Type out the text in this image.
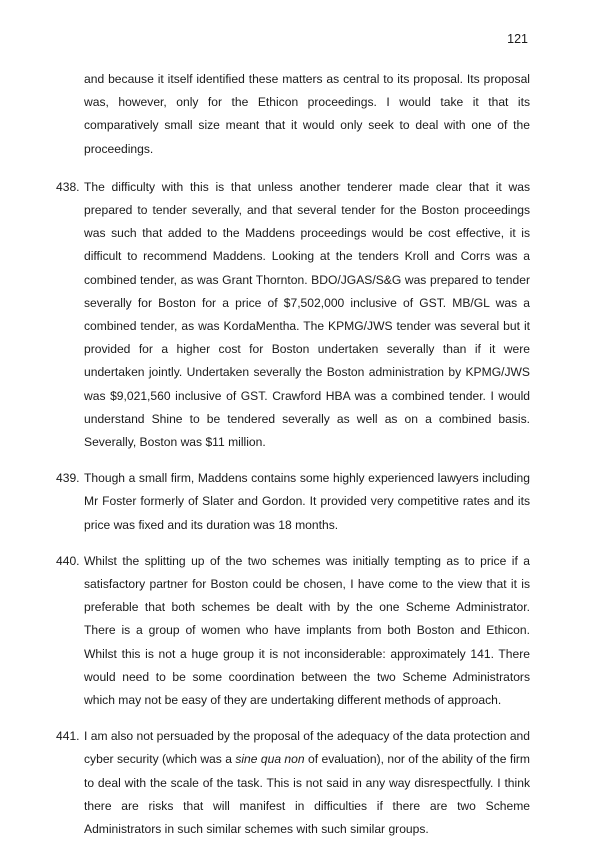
121
and because it itself identified these matters as central to its proposal. Its proposal was, however, only for the Ethicon proceedings. I would take it that its comparatively small size meant that it would only seek to deal with one of the proceedings.
438. The difficulty with this is that unless another tenderer made clear that it was prepared to tender severally, and that several tender for the Boston proceedings was such that added to the Maddens proceedings would be cost effective, it is difficult to recommend Maddens. Looking at the tenders Kroll and Corrs was a combined tender, as was Grant Thornton. BDO/JGAS/S&G was prepared to tender severally for Boston for a price of $7,502,000 inclusive of GST. MB/GL was a combined tender, as was KordaMentha. The KPMG/JWS tender was several but it provided for a higher cost for Boston undertaken severally than if it were undertaken jointly. Undertaken severally the Boston administration by KPMG/JWS was $9,021,560 inclusive of GST. Crawford HBA was a combined tender. I would understand Shine to be tendered severally as well as on a combined basis. Severally, Boston was $11 million.
439. Though a small firm, Maddens contains some highly experienced lawyers including Mr Foster formerly of Slater and Gordon. It provided very competitive rates and its price was fixed and its duration was 18 months.
440. Whilst the splitting up of the two schemes was initially tempting as to price if a satisfactory partner for Boston could be chosen, I have come to the view that it is preferable that both schemes be dealt with by the one Scheme Administrator. There is a group of women who have implants from both Boston and Ethicon. Whilst this is not a huge group it is not inconsiderable: approximately 141. There would need to be some coordination between the two Scheme Administrators which may not be easy of they are undertaking different methods of approach.
441. I am also not persuaded by the proposal of the adequacy of the data protection and cyber security (which was a sine qua non of evaluation), nor of the ability of the firm to deal with the scale of the task. This is not said in any way disrespectfully. I think there are risks that will manifest in difficulties if there are two Scheme Administrators in such similar schemes with such similar groups.
